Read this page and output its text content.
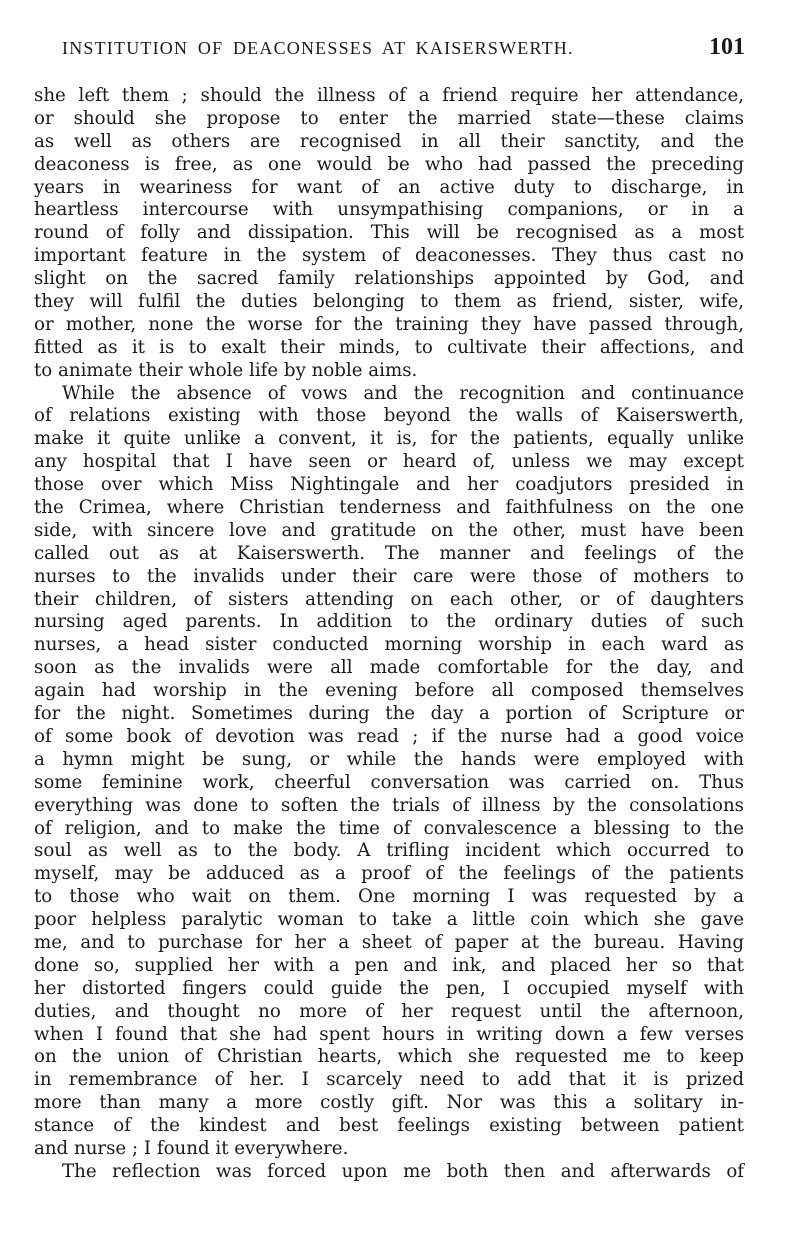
INSTITUTION OF DEACONESSES AT KAISERSWERTH.	101
she left them ; should the illness of a friend require her attendance,
or should she propose to enter the married state—these claims
as well as others are recognised in all their sanctity, and the
deaconess is free, as one would be who had passed the preceding
years in weariness for want of an active duty to discharge, in
heartless intercourse with unsympathising companions, or in a
round of folly and dissipation. This will be recognised as a most
important feature in the system of deaconesses. They thus cast no
slight on the sacred family relationships appointed by God, and
they will fulfil the duties belonging to them as friend, sister, wife,
or mother, none the worse for the training they have passed through,
fitted as it is to exalt their minds, to cultivate their affections, and
to animate their whole life by noble aims.
While the absence of vows and the recognition and continuance
of relations existing with those beyond the walls of Kaiserswerth,
make it quite unlike a convent, it is, for the patients, equally unlike
any hospital that I have seen or heard of, unless we may except
those over which Miss Nightingale and her coadjutors presided in
the Crimea, where Christian tenderness and faithfulness on the one
side, with sincere love and gratitude on the other, must have been
called out as at Kaiserswerth. The manner and feelings of the
nurses to the invalids under their care were those of mothers to
their children, of sisters attending on each other, or of daughters
nursing aged parents. In addition to the ordinary duties of such
nurses, a head sister conducted morning worship in each ward as
soon as the invalids were all made comfortable for the day, and
again had worship in the evening before all composed themselves
for the night. Sometimes during the day a portion of Scripture or
of some book of devotion was read ; if the nurse had a good voice
a hymn might be sung, or while the hands were employed with
some feminine work, cheerful conversation was carried on. Thus
everything was done to soften the trials of illness by the consolations
of religion, and to make the time of convalescence a blessing to the
soul as well as to the body. A trifling incident which occurred to
myself, may be adduced as a proof of the feelings of the patients
to those who wait on them. One morning I was requested by a
poor helpless paralytic woman to take a little coin which she gave
me, and to purchase for her a sheet of paper at the bureau. Having
done so, supplied her with a pen and ink, and placed her so that
her distorted fingers could guide the pen, I occupied myself with
duties, and thought no more of her request until the afternoon,
when I found that she had spent hours in writing down a few verses
on the union of Christian hearts, which she requested me to keep
in remembrance of her. I scarcely need to add that it is prized
more than many a more costly gift. Nor was this a solitary in-
stance of the kindest and best feelings existing between patient
and nurse ; I found it everywhere.
The reflection was forced upon me both then and afterwards of
